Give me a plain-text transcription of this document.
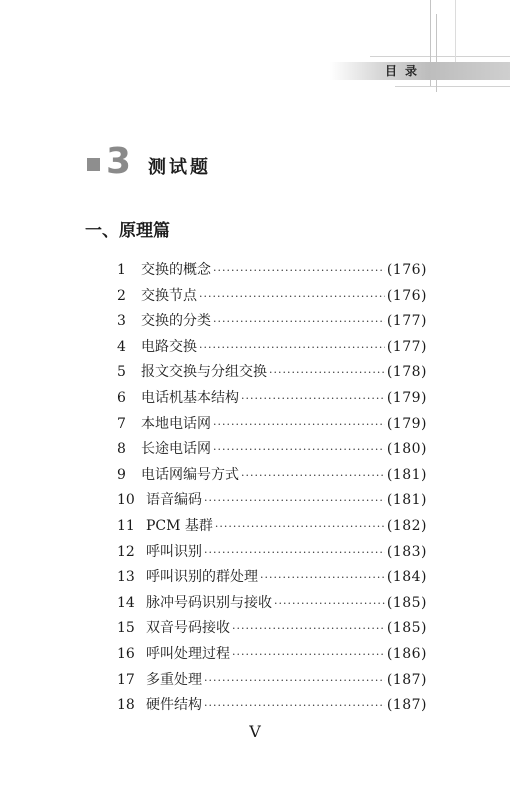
目录
3 测试题
一、原理篇
1	交换的概念 ·····	(176)
2	交换节点 ·····	(176)
3	交换的分类 ·····	(177)
4	电路交换 ·····	(177)
5	报文交换与分组交换 ·····	(178)
6	电话机基本结构 ·····	(179)
7	本地电话网 ·····	(179)
8	长途电话网 ·····	(180)
9	电话网编号方式 ·····	(181)
10 语音编码 ·····	(181)
11 PCM 基群 ·····	(182)
12 呼叫识别 ·····	(183)
13 呼叫识别的群处理 ·····	(184)
14 脉冲号码识别与接收 ·····	(185)
15 双音号码接收 ·····	(185)
16 呼叫处理过程 ·····	(186)
17 多重处理 ·····	(187)
18 硬件结构 ·····	(187)
V
